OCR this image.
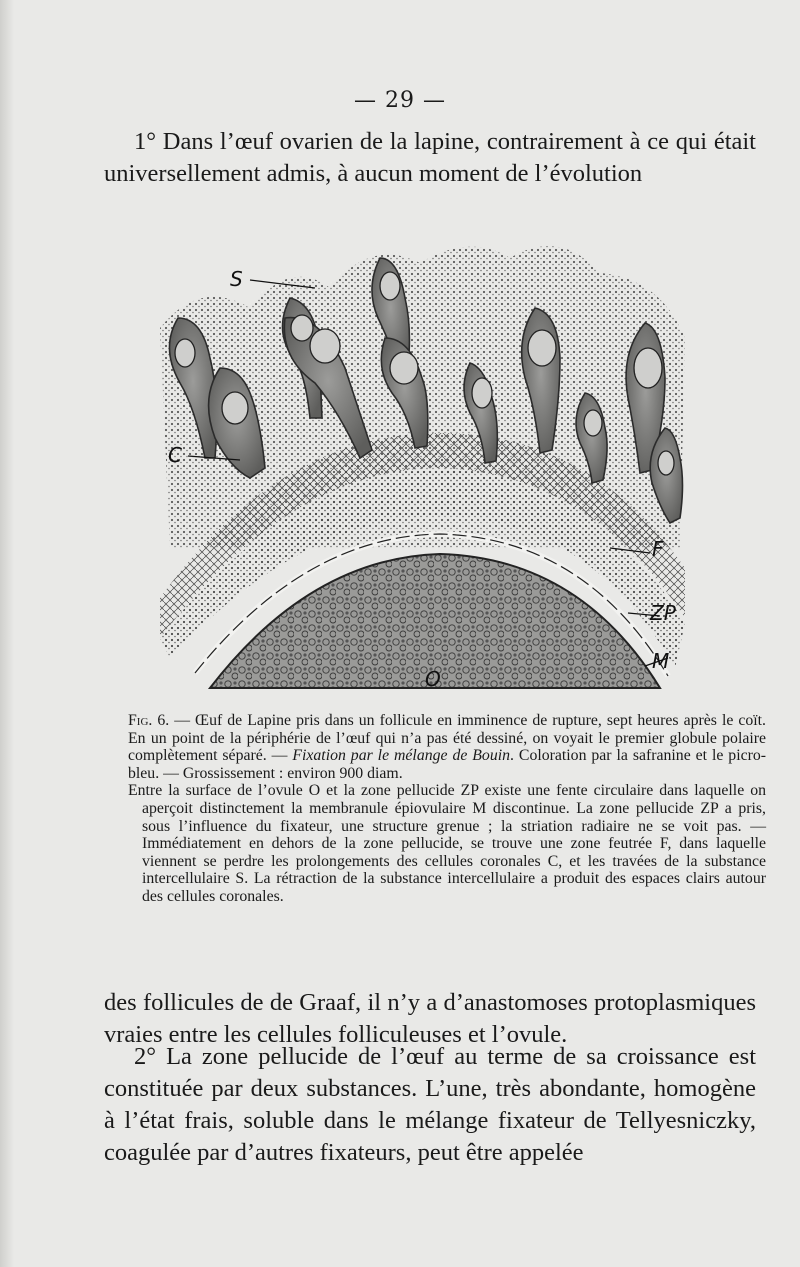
— 29 —

1° Dans l’œuf ovarien de la lapine, contrairement à ce qui était universellement admis, à aucun moment de l’évolution

S
C
F
ZP
M
O
Fig. 6. — Œuf de Lapine pris dans un follicule en imminence de rupture, sept heures après le coït. En un point de la périphérie de l’œuf qui n’a pas été dessiné, on voyait le premier globule polaire complètement séparé. — Fixation par le mélange de Bouin. Coloration par la safranine et le picro-bleu. — Grossissement : environ 900 diam.
Entre la surface de l’ovule O et la zone pellucide ZP existe une fente circulaire dans laquelle on aperçoit distinctement la membranule épiovulaire M discontinue. La zone pellucide ZP a pris, sous l’influence du fixateur, une structure grenue ; la striation radiaire ne se voit pas. — Immédiatement en dehors de la zone pellucide, se trouve une zone feutrée F, dans laquelle viennent se perdre les prolongements des cellules coronales C, et les travées de la substance intercellulaire S. La rétraction de la substance intercellulaire a produit des espaces clairs autour des cellules coronales.

des follicules de de Graaf, il n’y a d’anastomoses protoplasmiques vraies entre les cellules folliculeuses et l’ovule.

2° La zone pellucide de l’œuf au terme de sa croissance est constituée par deux substances. L’une, très abondante, homogène à l’état frais, soluble dans le mélange fixateur de Tellyesniczky, coagulée par d’autres fixateurs, peut être appelée
